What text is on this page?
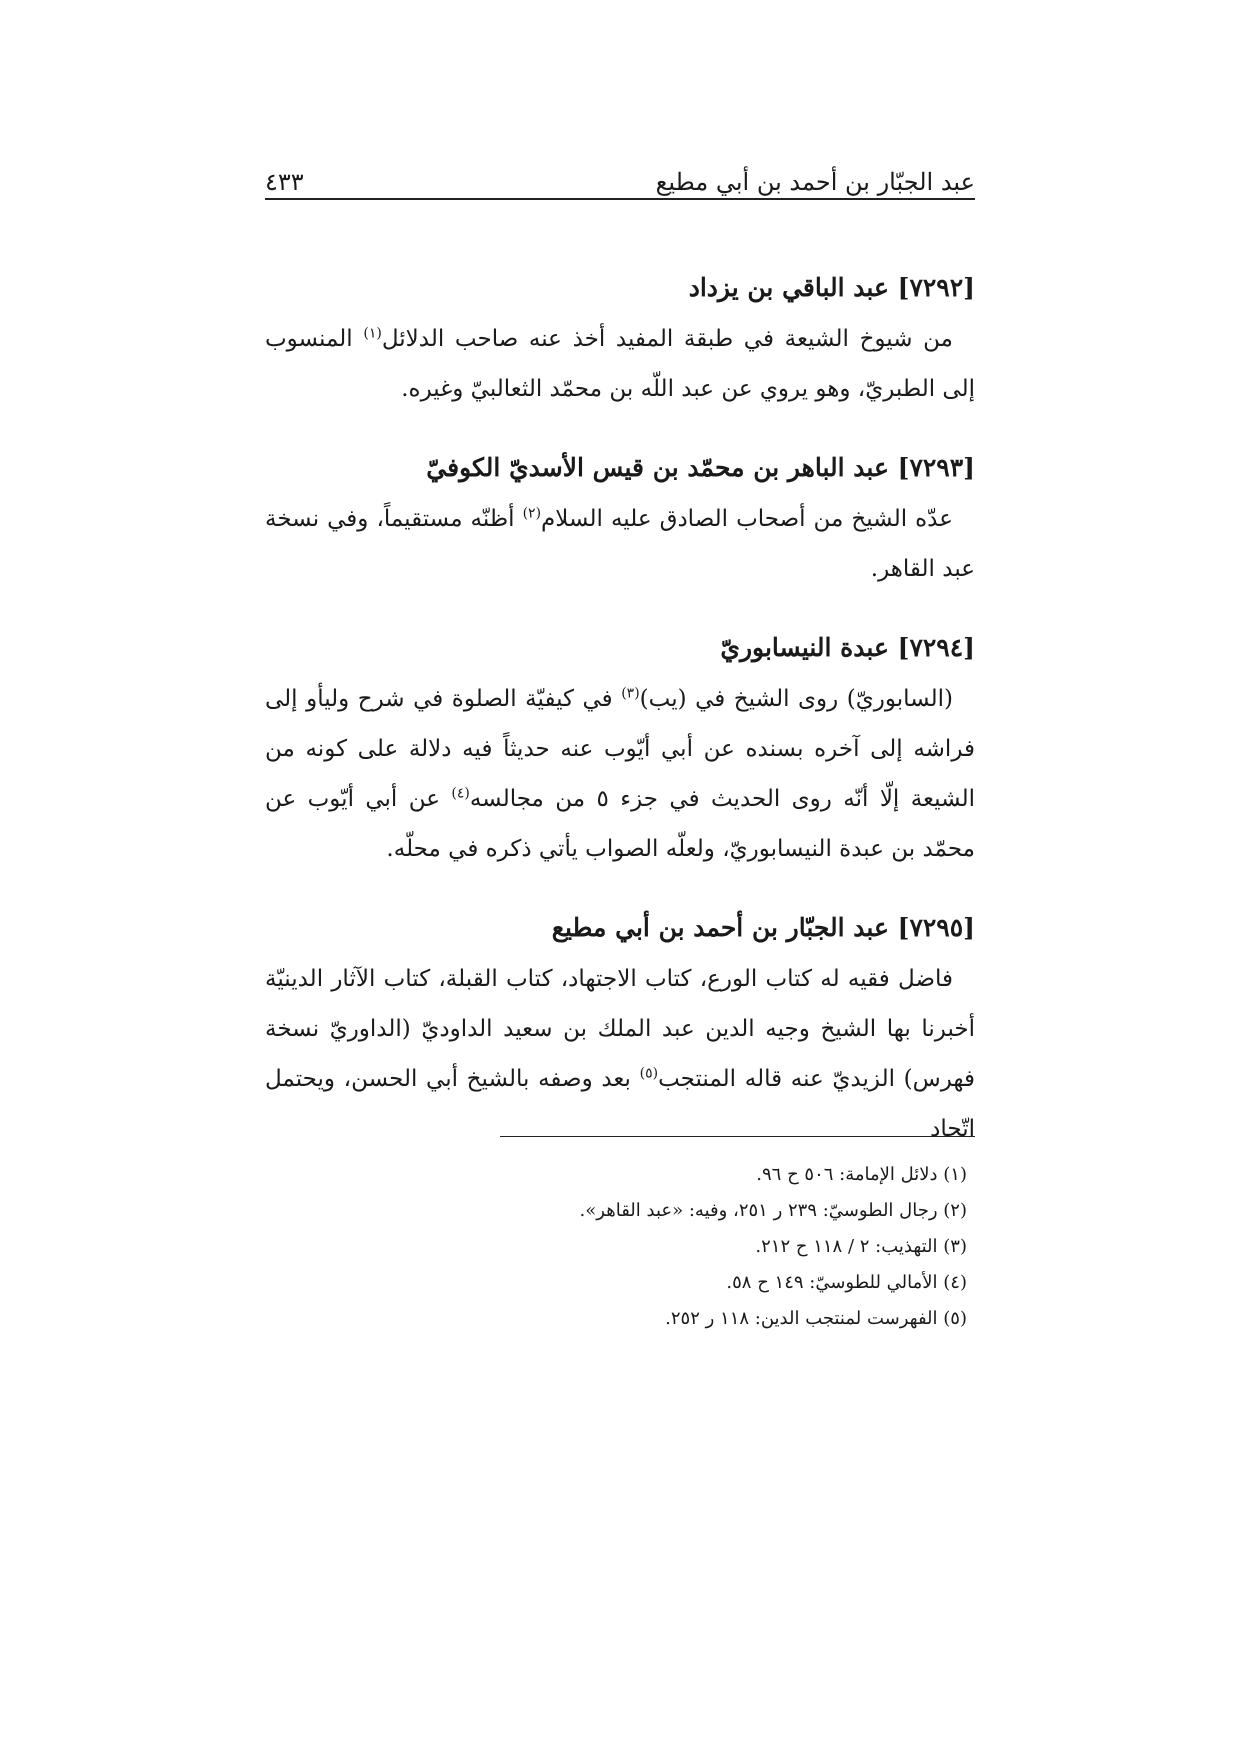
عبد الجبّار بن أحمد بن أبي مطيع
٤٣٣

[٧٢٩٢] عبد الباقي بن يزداد

من شيوخ الشيعة في طبقة المفيد أخذ عنه صاحب الدلائل$^{(١)}$ المنسوب إلى الطبريّ، وهو يروي عن عبد اللّه بن محمّد الثعالبيّ وغيره.

[٧٢٩٣] عبد الباهر بن محمّد بن قيس الأسديّ الكوفيّ

عدّه الشيخ من أصحاب الصادق عليه السلام$^{(٢)}$ أظنّه مستقيماً، وفي نسخة عبد القاهر.

[٧٢٩٤] عبدة النيسابوريّ

(السابوريّ) روى الشيخ في (يب)$^{(٣)}$ في كيفيّة الصلوة في شرح وليأو إلى فراشه إلى آخره بسنده عن أبي أيّوب عنه حديثاً فيه دلالة على كونه من الشيعة إلّا أنّه روى الحديث في جزء ٥ من مجالسه$^{(٤)}$ عن أبي أيّوب عن محمّد بن عبدة النيسابوريّ، ولعلّه الصواب يأتي ذكره في محلّه.

[٧٢٩٥] عبد الجبّار بن أحمد بن أبي مطيع

فاضل فقيه له كتاب الورع، كتاب الاجتهاد، كتاب القبلة، كتاب الآثار الدينيّة أخبرنا بها الشيخ وجيه الدين عبد الملك بن سعيد الداوديّ (الداوريّ نسخة فهرس) الزيديّ عنه قاله المنتجب$^{(٥)}$ بعد وصفه بالشيخ أبي الحسن، ويحتمل اتّحاد

(١) دلائل الإمامة: ٥٠٦ ح ٩٦.
(٢) رجال الطوسيّ: ٢٣٩ ر ٢٥١، وفيه: «عبد القاهر».
(٣) التهذيب: ٢ / ١١٨ ح ٢١٢.
(٤) الأمالي للطوسيّ: ١٤٩ ح ٥٨.
(٥) الفهرست لمنتجب الدين: ١١٨ ر ٢٥٢.
